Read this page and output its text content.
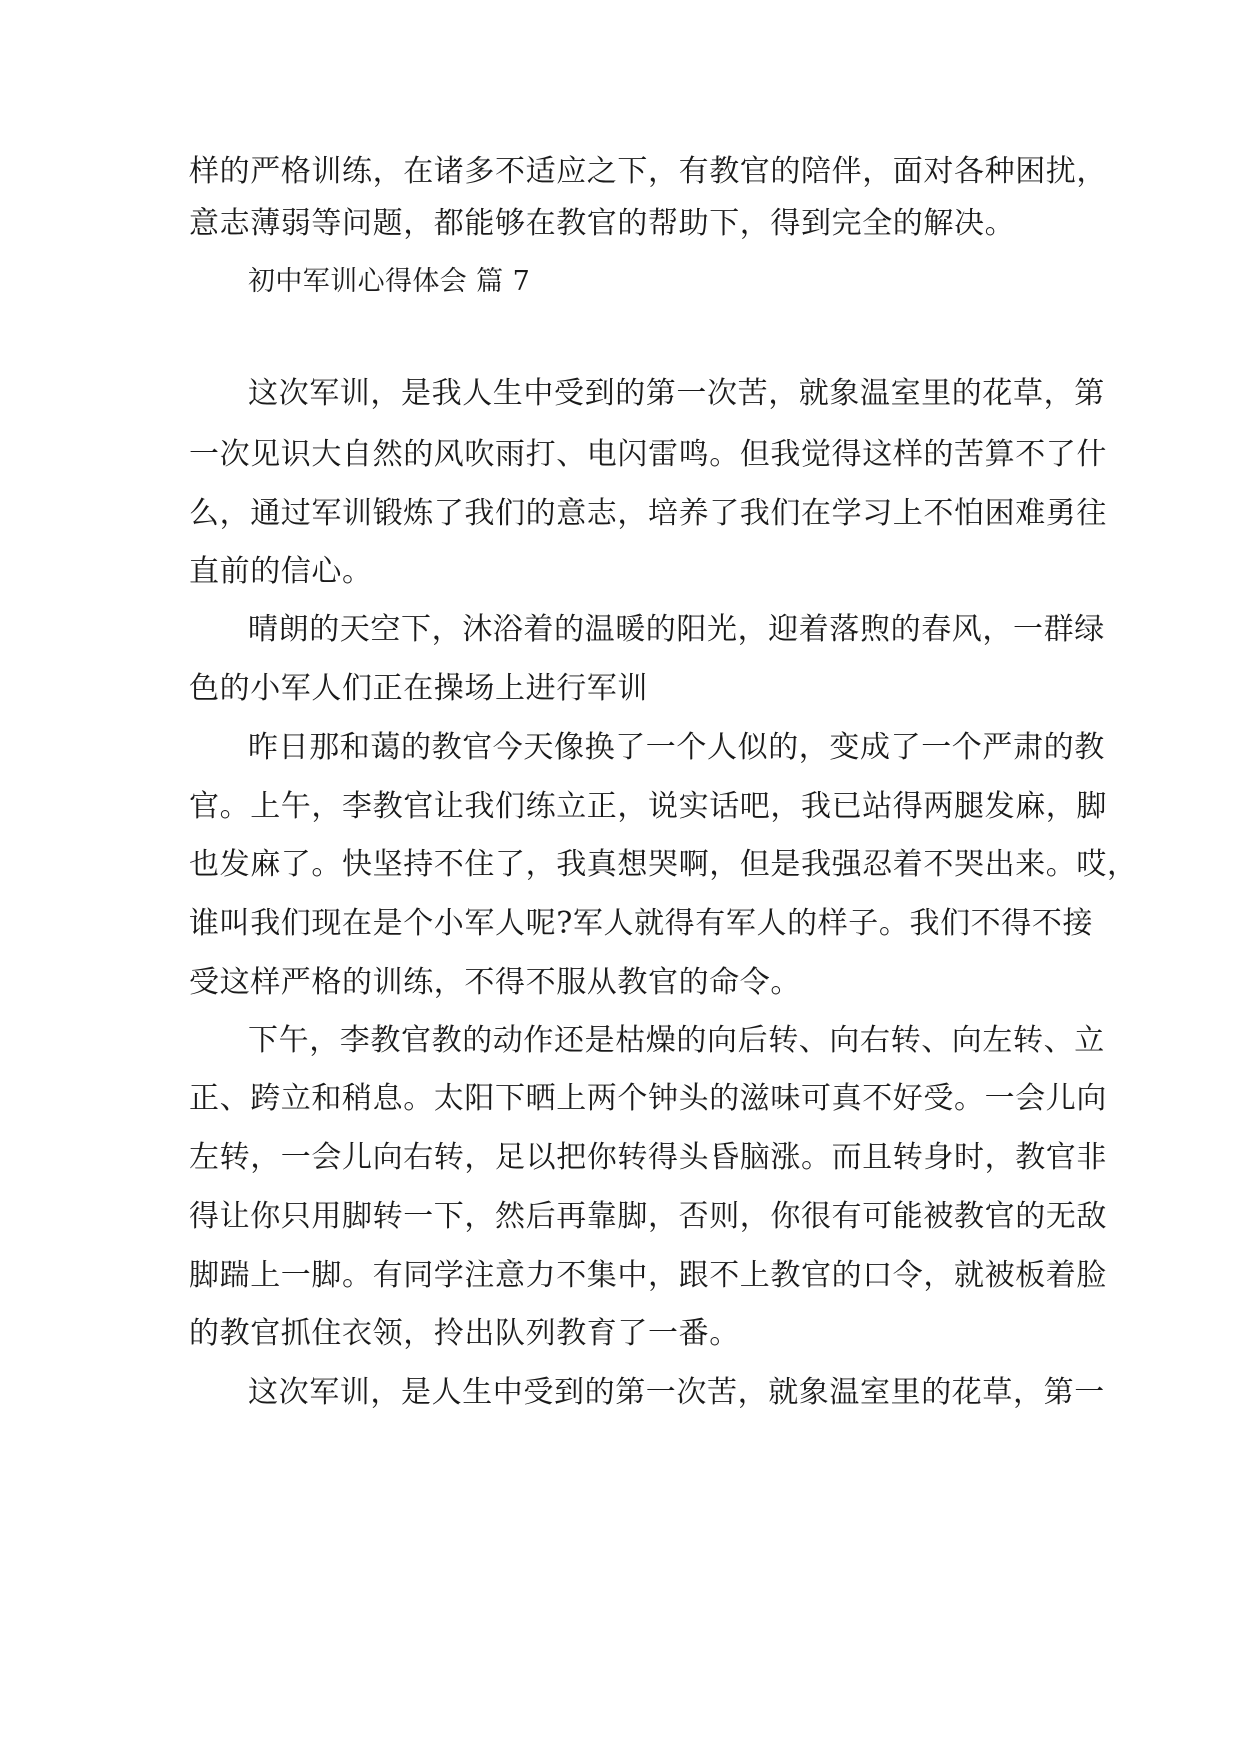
样的严格训练，在诸多不适应之下，有教官的陪伴，面对各种困扰，
意志薄弱等问题，都能够在教官的帮助下，得到完全的解决。
初中军训心得体会 篇 7
这次军训，是我人生中受到的第一次苦，就象温室里的花草，第
一次见识大自然的风吹雨打、电闪雷鸣。但我觉得这样的苦算不了什
么，通过军训锻炼了我们的意志，培养了我们在学习上不怕困难勇往
直前的信心。
晴朗的天空下，沐浴着的温暖的阳光，迎着落煦的春风，一群绿
色的小军人们正在操场上进行军训
昨日那和蔼的教官今天像换了一个人似的，变成了一个严肃的教
官。上午，李教官让我们练立正，说实话吧，我已站得两腿发麻，脚
也发麻了。快坚持不住了，我真想哭啊，但是我强忍着不哭出来。哎，
谁叫我们现在是个小军人呢?军人就得有军人的样子。我们不得不接
受这样严格的训练，不得不服从教官的命令。
下午，李教官教的动作还是枯燥的向后转、向右转、向左转、立
正、跨立和稍息。太阳下晒上两个钟头的滋味可真不好受。一会儿向
左转，一会儿向右转，足以把你转得头昏脑涨。而且转身时，教官非
得让你只用脚转一下，然后再靠脚，否则，你很有可能被教官的无敌
脚踹上一脚。有同学注意力不集中，跟不上教官的口令，就被板着脸
的教官抓住衣领，拎出队列教育了一番。
这次军训，是人生中受到的第一次苦，就象温室里的花草，第一
